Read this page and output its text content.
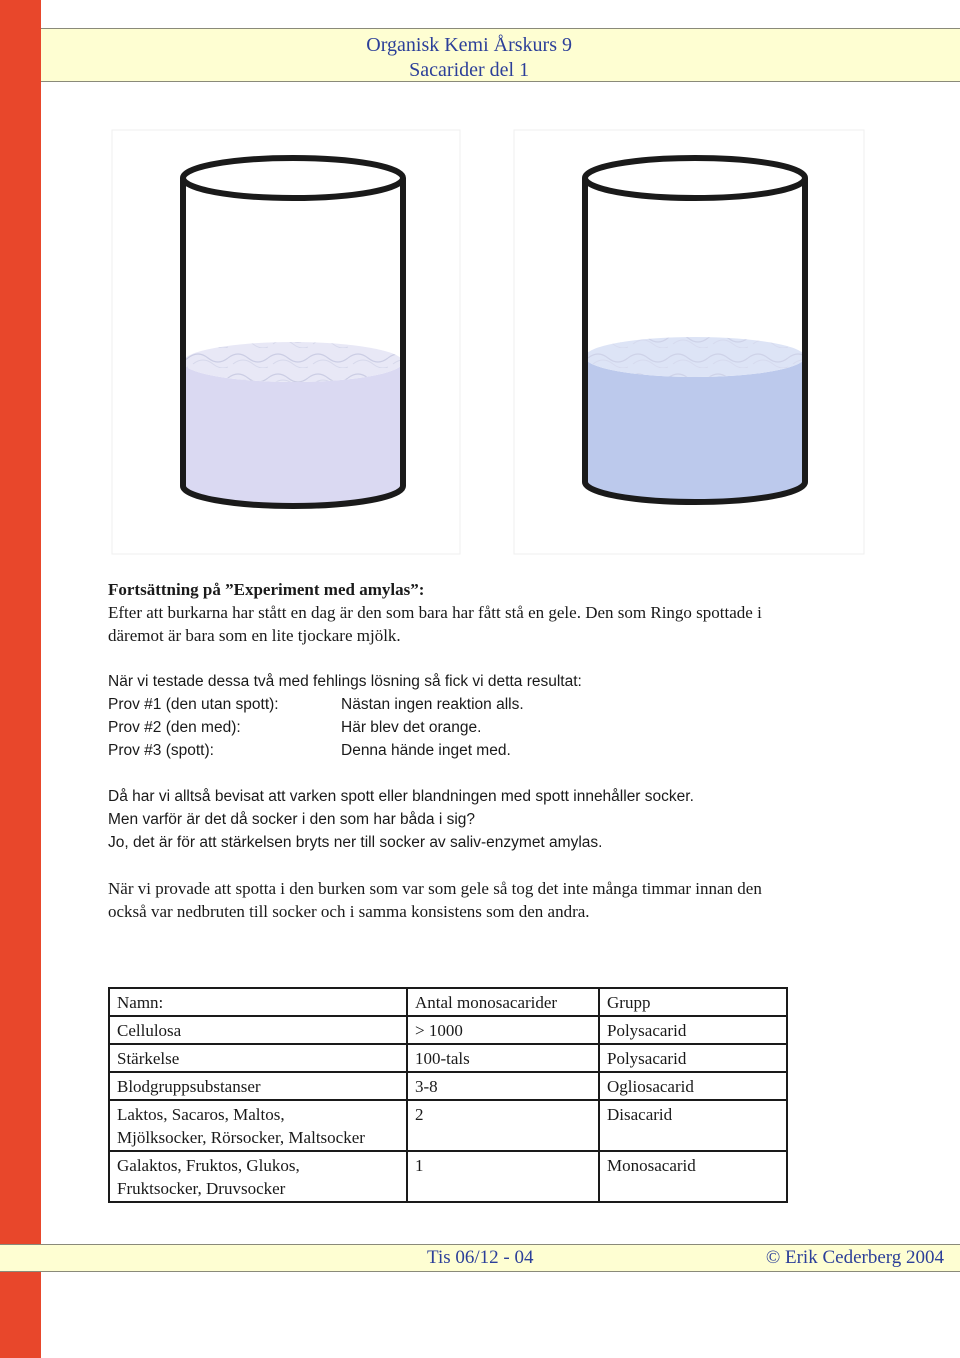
Organisk Kemi Årskurs 9
Sacarider del 1

Fortsättning på ”Experiment med amylas”:

Efter att burkarna har stått en dag är den som bara har fått stå en gele. Den som Ringo spottade i

däremot är bara som en lite tjockare mjölk.

När vi testade dessa två med fehlings lösning så fick vi detta resultat:

Prov #1 (den utan spott):	Nästan ingen reaktion alls.
Prov #2 (den med):	Här blev det orange.
Prov #3 (spott):	Denna hände inget med.

Då har vi alltså bevisat att varken spott eller blandningen med spott innehåller socker.

Men varför är det då socker i den som har båda i sig?

Jo, det är för att stärkelsen bryts ner till socker av saliv-enzymet amylas.

När vi provade att spotta i den burken som var som gele så tog det inte många timmar innan den

också var nedbruten till socker och i samma konsistens som den andra.

Namn:	Antal monosacarider	Grupp
Cellulosa	> 1000	Polysacarid
Stärkelse	100-tals	Polysacarid
Blodgruppsubstanser	3-8	Ogliosacarid
Laktos, Sacaros, Maltos,
Mjölksocker, Rörsocker, Maltsocker	2	Disacarid
Galaktos, Fruktos, Glukos,
Fruktsocker, Druvsocker	1	Monosacarid
Tis 06/12 - 04	© Erik Cederberg 2004
